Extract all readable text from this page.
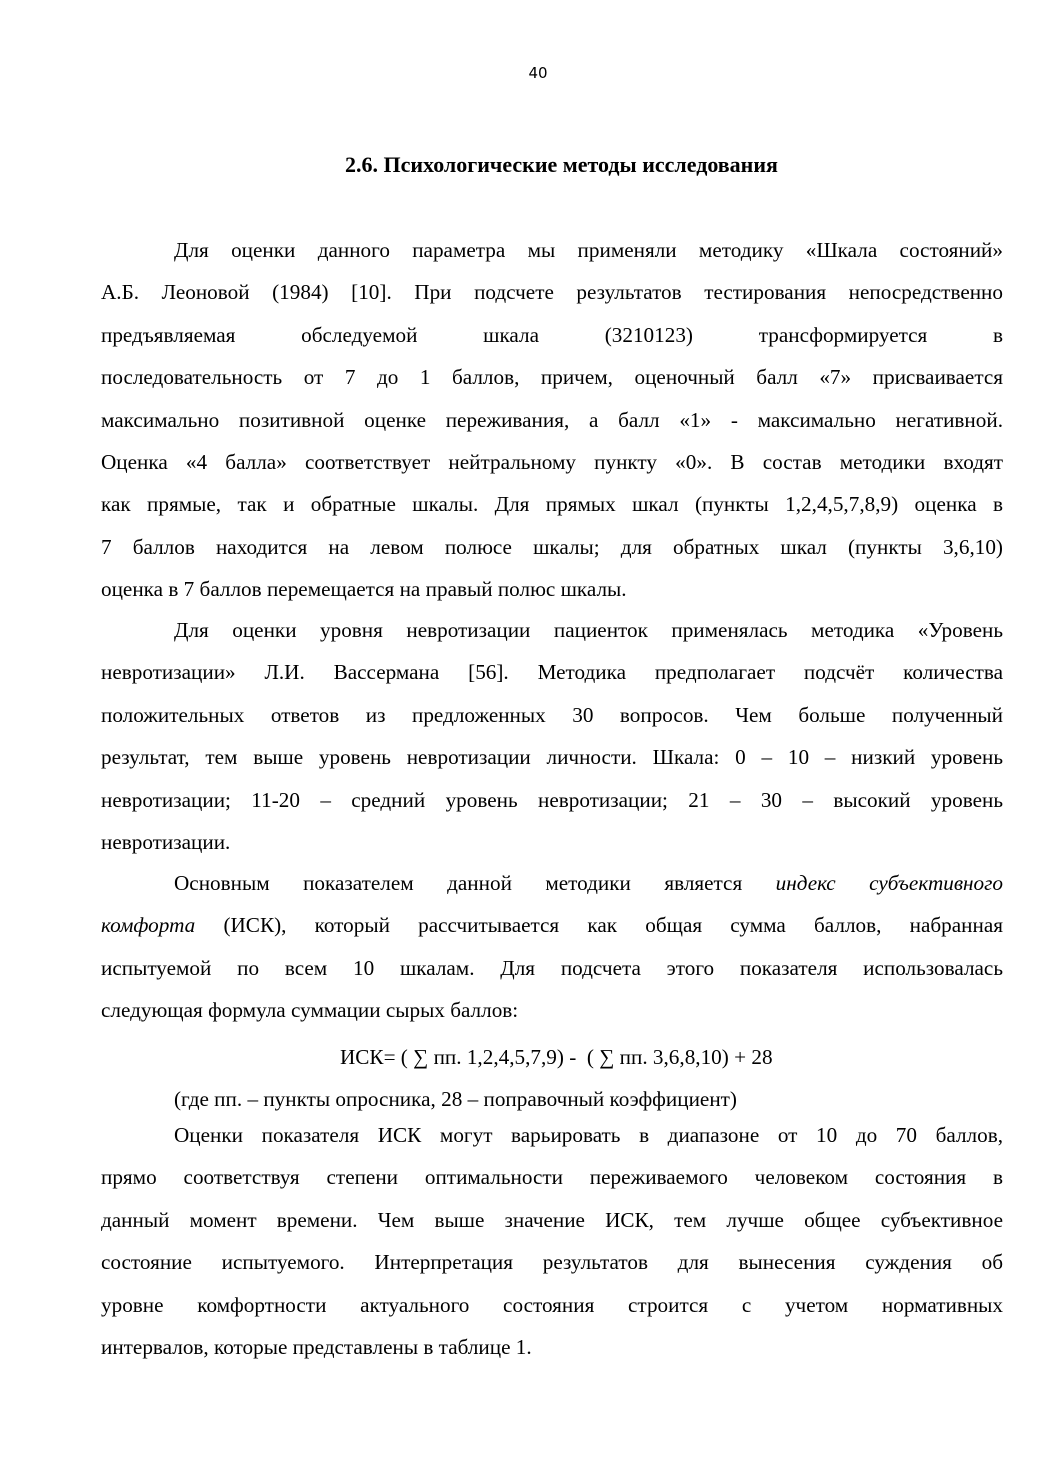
40
2.6. Психологические методы исследования
Для оценки данного параметра мы применяли методику «Шкала состояний»
А.Б. Леоновой (1984) [10]. При подсчете результатов тестирования непосредственно
предъявляемая обследуемой шкала (3210123) трансформируется в
последовательность от 7 до 1 баллов, причем, оценочный балл «7» присваивается
максимально позитивной оценке переживания, а балл «1» - максимально негативной.
Оценка «4 балла» соответствует нейтральному пункту «0». В состав методики входят
как прямые, так и обратные шкалы. Для прямых шкал (пункты 1,2,4,5,7,8,9) оценка в
7 баллов находится на левом полюсе шкалы; для обратных шкал (пункты 3,6,10)
оценка в 7 баллов перемещается на правый полюс шкалы.
Для оценки уровня невротизации пациенток применялась методика «Уровень
невротизации» Л.И. Вассермана [56]. Методика предполагает подсчёт количества
положительных ответов из предложенных 30 вопросов. Чем больше полученный
результат, тем выше уровень невротизации личности. Шкала: 0 – 10 – низкий уровень
невротизации; 11-20 – средний уровень невротизации; 21 – 30 – высокий уровень
невротизации.
Основным показателем данной методики является индекс субъективного
комфорта (ИСК), который рассчитывается как общая сумма баллов, набранная
испытуемой по всем 10 шкалам. Для подсчета этого показателя использовалась
следующая формула суммации сырых баллов:
ИСК= ( ∑ пп. 1,2,4,5,7,9) -  ( ∑ пп. 3,6,8,10) + 28
(где пп. – пункты опросника, 28 – поправочный коэффициент)
Оценки показателя ИСК могут варьировать в диапазоне от 10 до 70 баллов,
прямо соответствуя степени оптимальности переживаемого человеком состояния в
данный момент времени. Чем выше значение ИСК, тем лучше общее субъективное
состояние испытуемого. Интерпретация результатов для вынесения суждения об
уровне комфортности актуального состояния строится с учетом нормативных
интервалов, которые представлены в таблице 1.
